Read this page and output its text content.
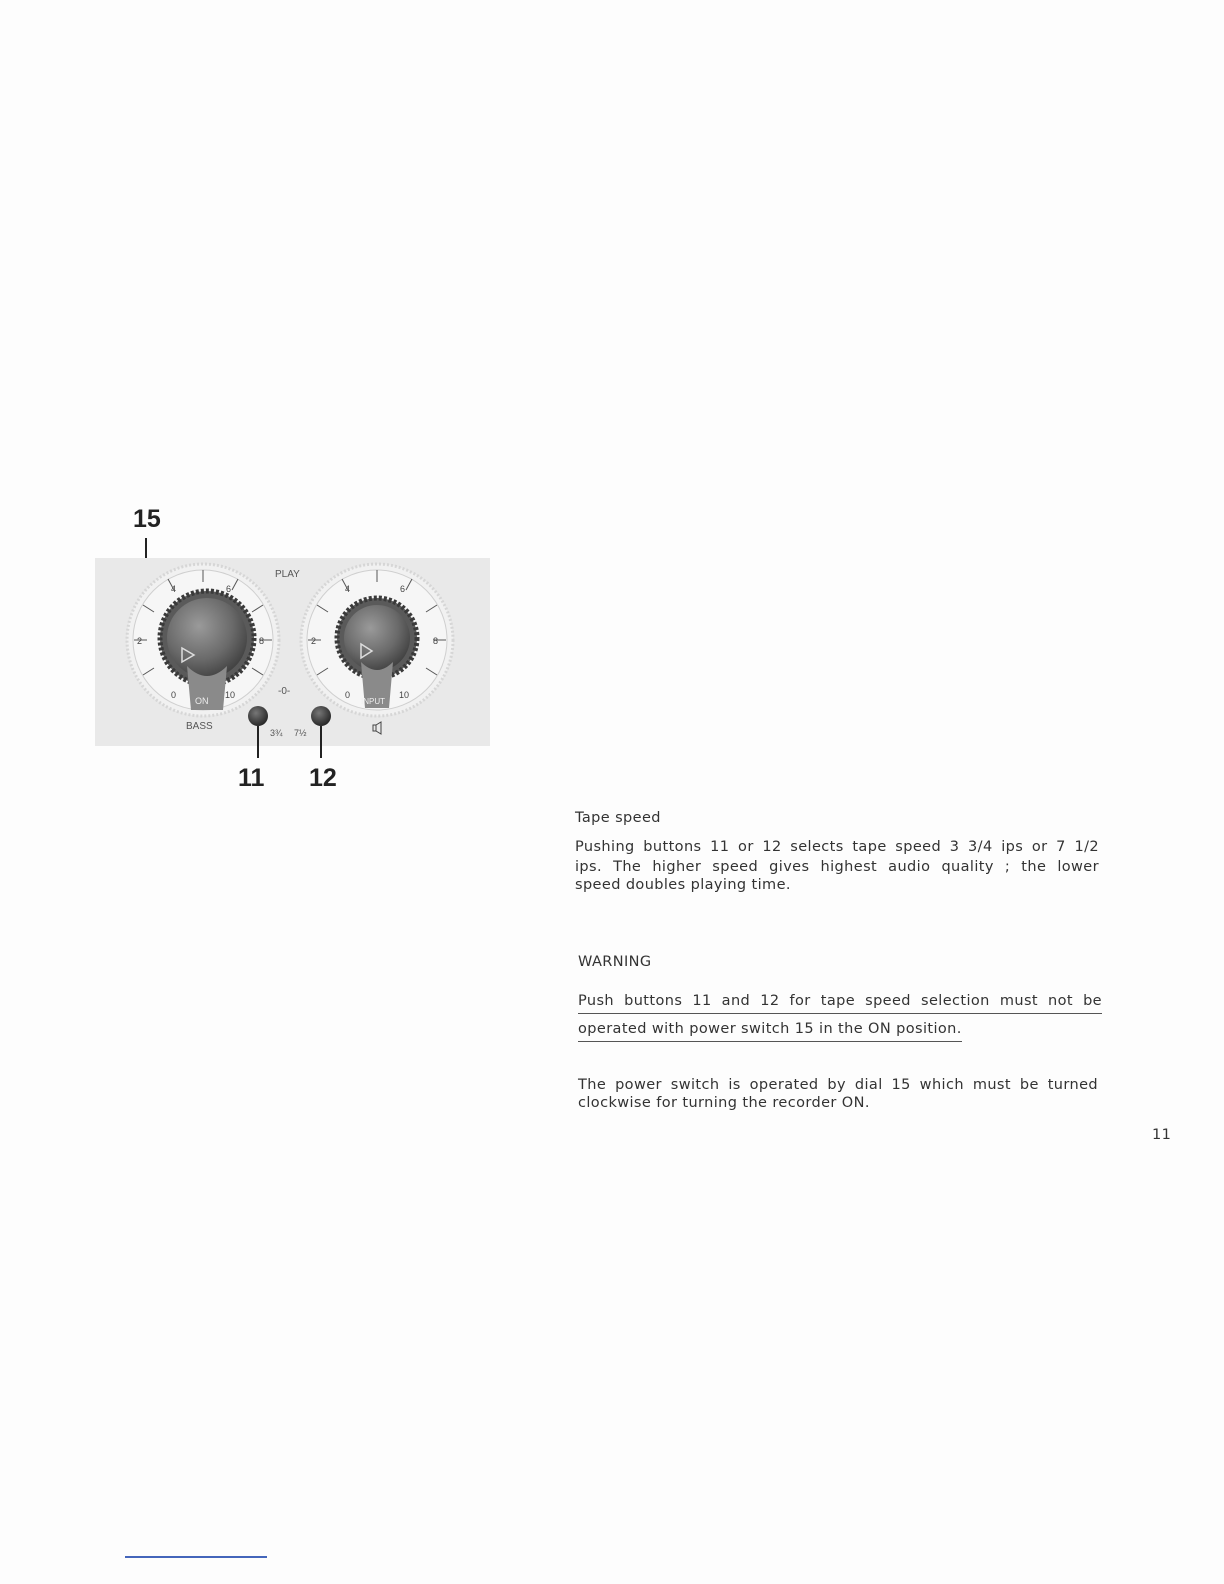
15
0
2
4	6
8
10
ON
0
2
4	6
8
10
INPUT
PLAY
-0-
BASS
3¾ 7½
11 12
Tape speed
Pushing buttons 11 or 12 selects tape speed 3 3/4 ips or 7 1/2
ips. The higher speed gives highest audio quality ; the lower
speed doubles playing time.
WARNING
Push buttons 11 and 12 for tape speed selection must not be
operated with power switch 15 in the ON position.
The power switch is operated by dial 15 which must be turned
clockwise for turning the recorder ON.
11
